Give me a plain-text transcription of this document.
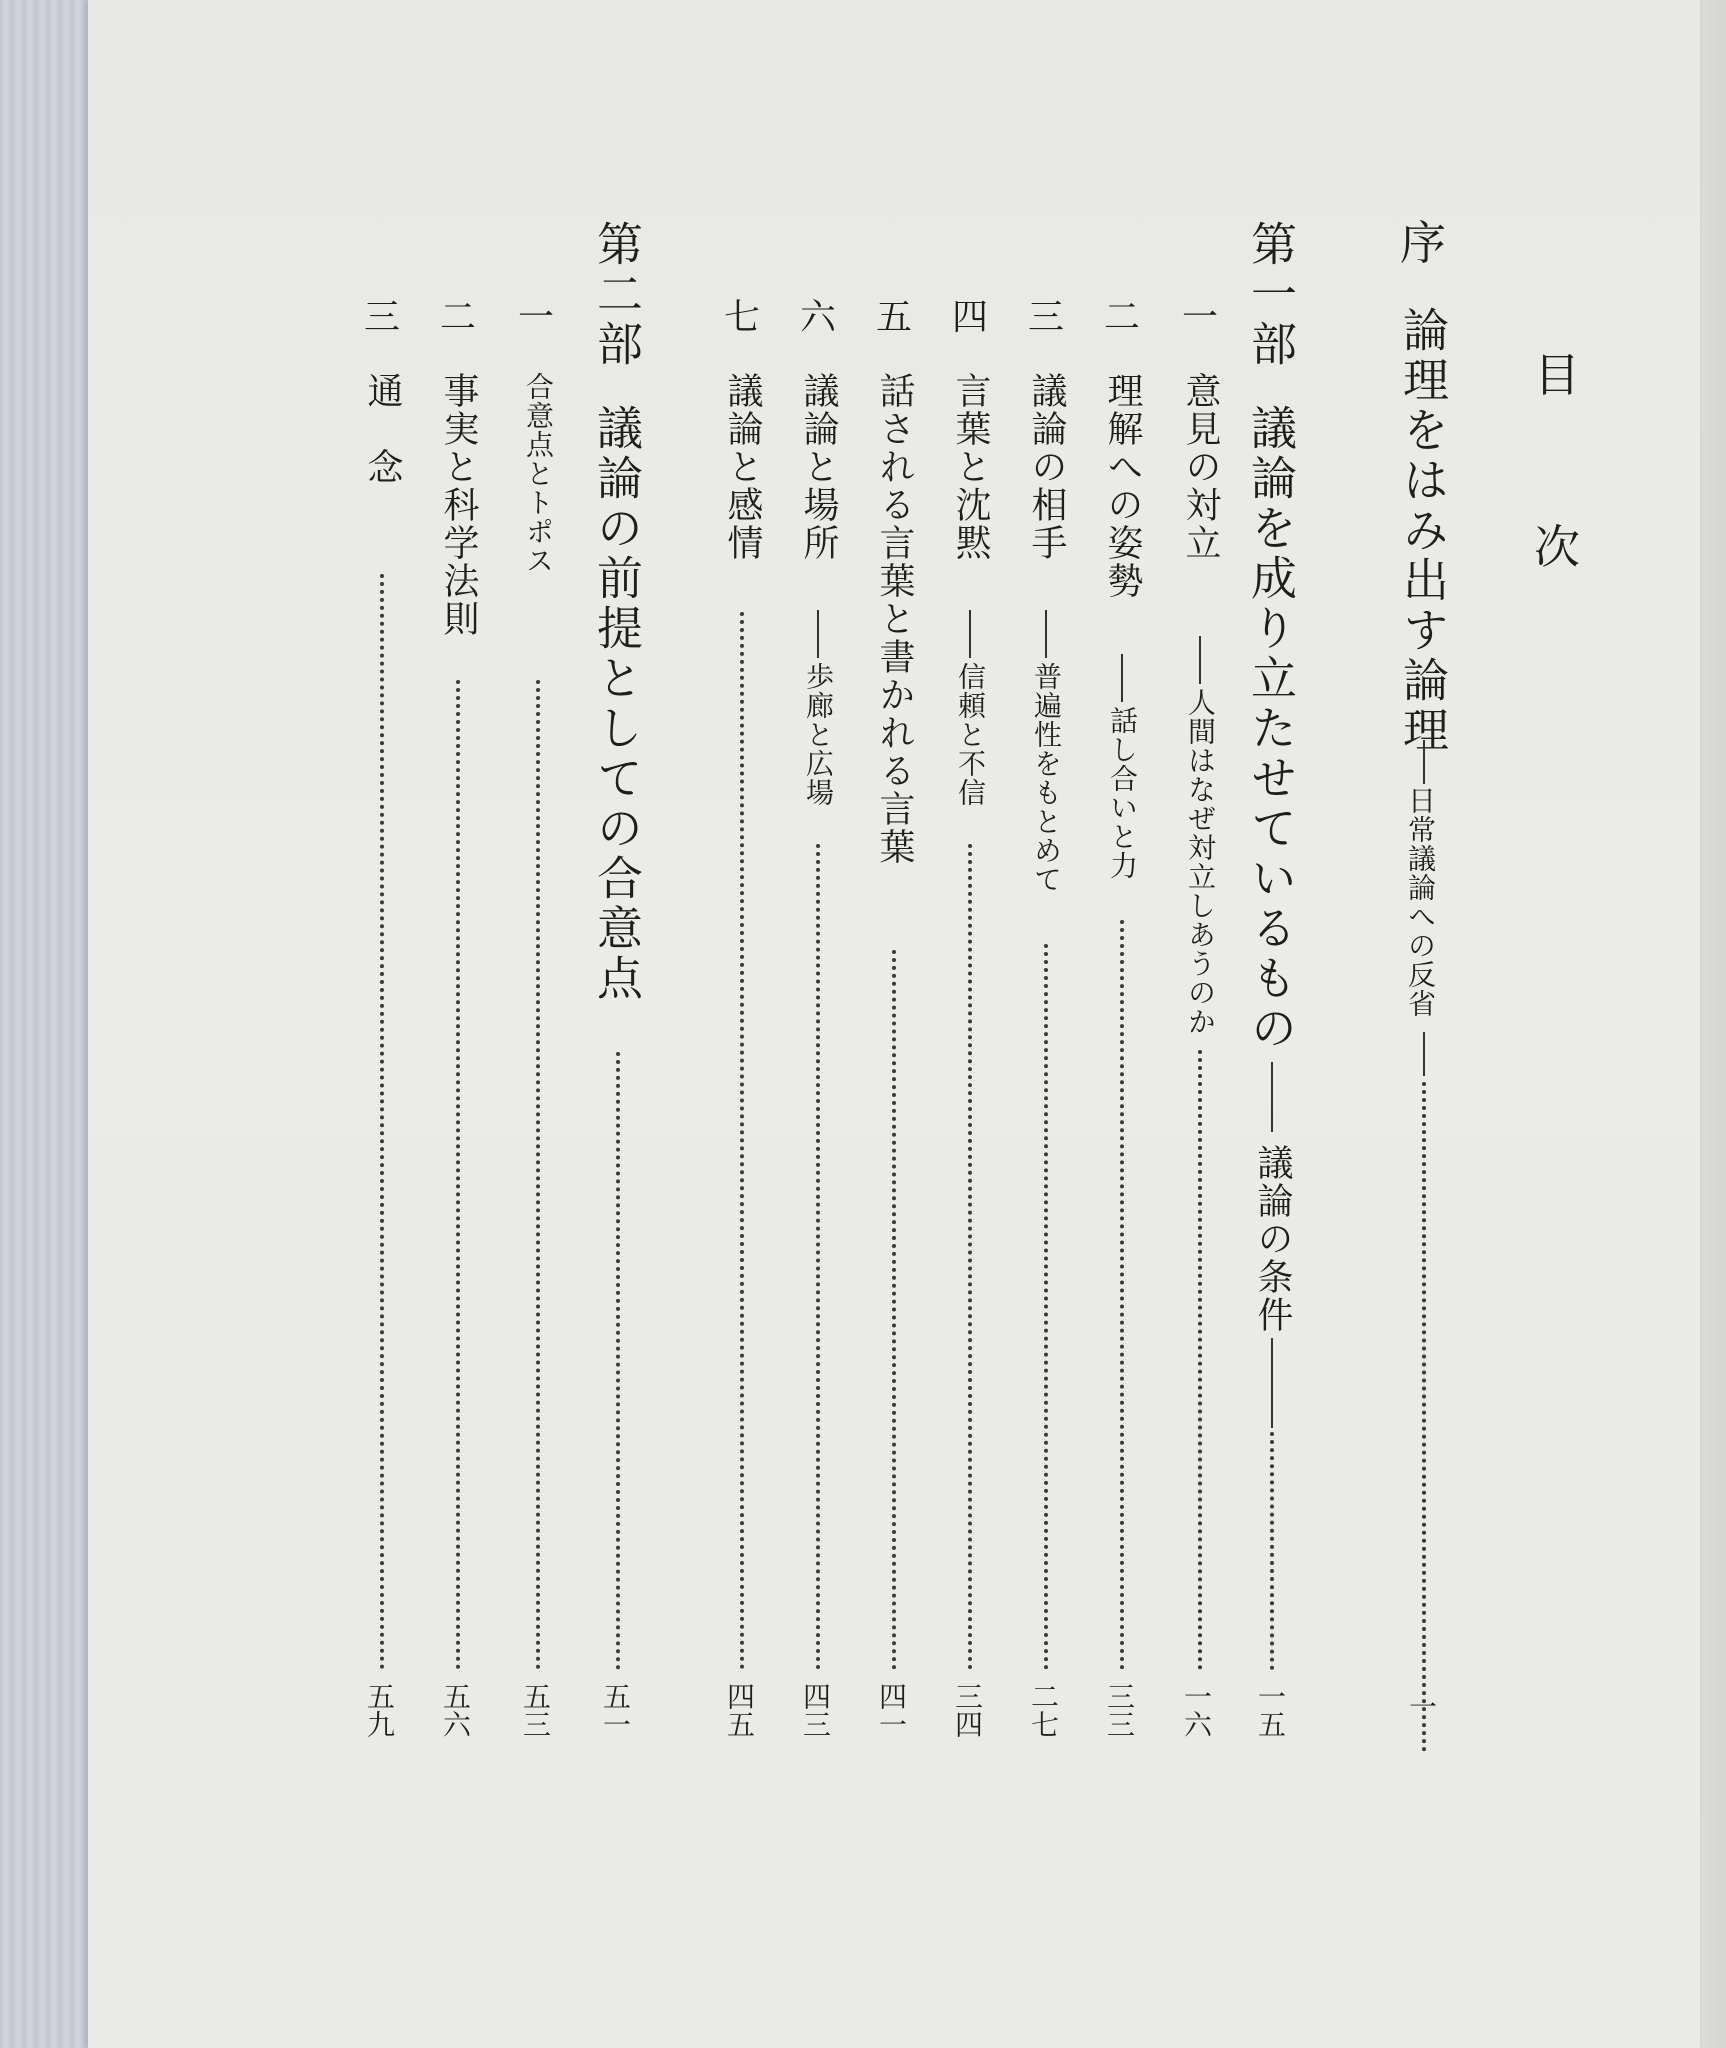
目
次
序
論理をはみ出す論理
日常議論への反省
一
第一部
議論を成り立たせているもの
議論の条件
一五
一
意見の対立
人間はなぜ対立しあうのか
一六
二
理解への姿勢
話し合いと力
三三
三
議論の相手
普遍性をもとめて
二七
四
言葉と沈黙
信頼と不信
三四
五
話される言葉と書かれる言葉
四一
六
議論と場所
歩廊と広場
四三
七
議論と感情
四五
第二部
議論の前提としての合意点
五一
一
合意点とトポス
五三
二
事実と科学法則
五六
三
通　念
五九
